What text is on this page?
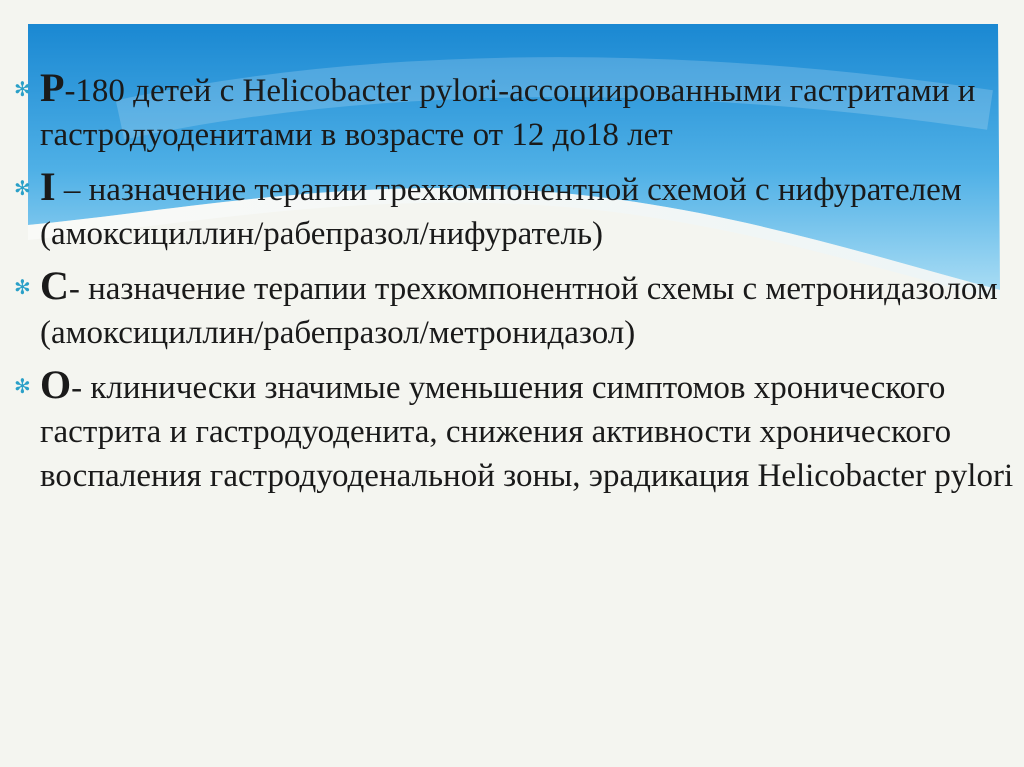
✻ P-180 детей с Helicobacter pylori-ассоциированными гастритами и гастродуоденитами в возрасте от 12 до18 лет
✻ I – назначение терапии трехкомпонентной схемой с нифурателем (амоксициллин/рабепразол/нифуратель)
✻ C- назначение терапии трехкомпонентной схемы с метронидазолом (амоксициллин/рабепразол/метронидазол)
✻ O- клинически значимые уменьшения симптомов хронического гастрита и гастродуоденита, снижения активности хронического воспаления гастродуоденальной зоны, эрадикация Helicobacter pylori
